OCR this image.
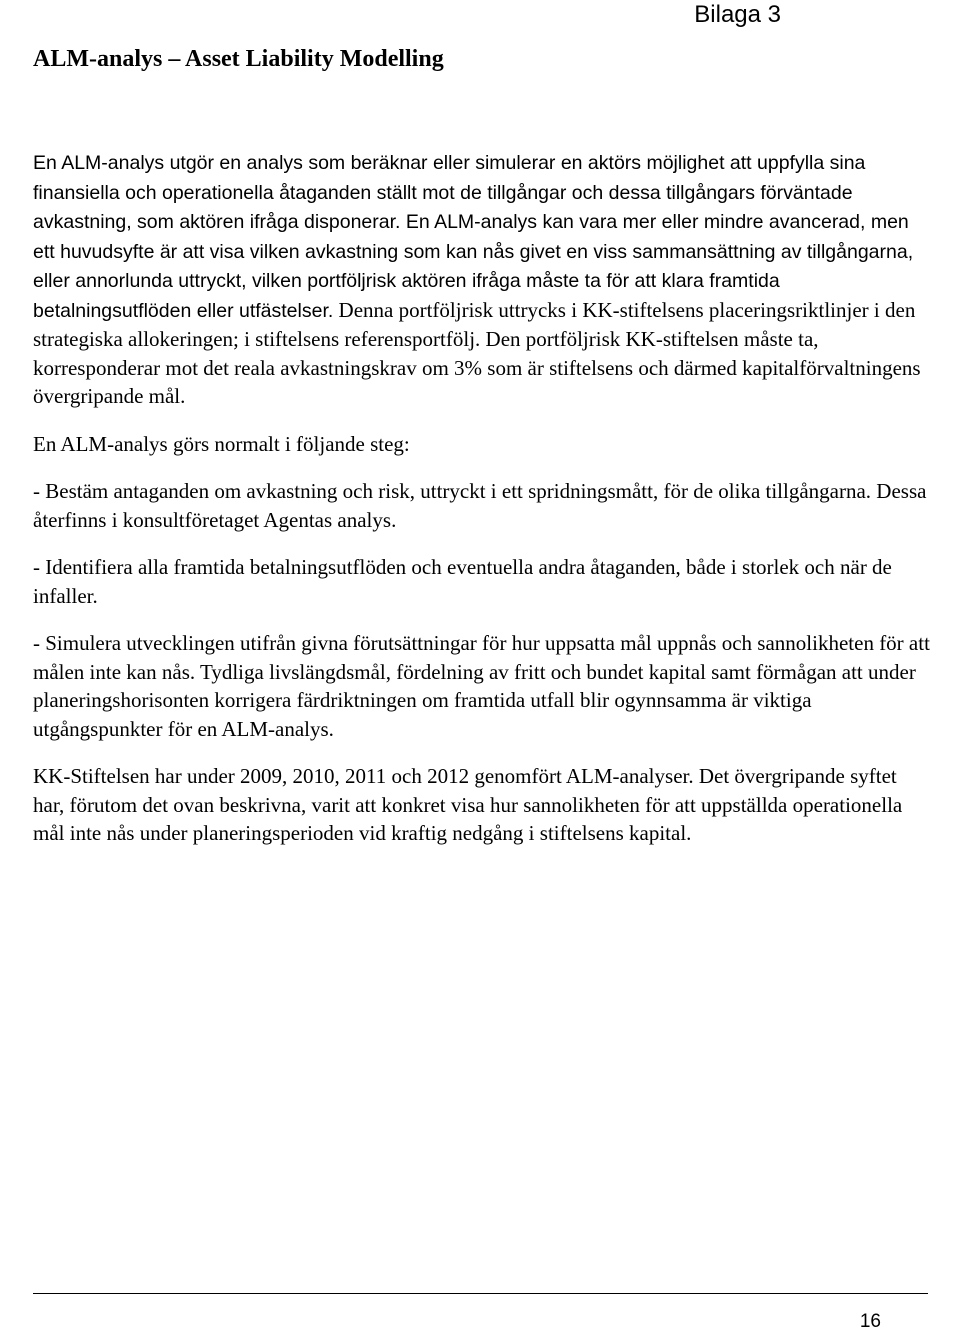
Bilaga 3

ALM-analys – Asset Liability Modelling

En ALM-analys utgör en analys som beräknar eller simulerar en aktörs möjlighet att uppfylla sina finansiella och operationella åtaganden ställt mot de tillgångar och dessa tillgångars förväntade avkastning, som aktören ifråga disponerar. En ALM-analys kan vara mer eller mindre avancerad, men ett huvudsyfte är att visa vilken avkastning som kan nås givet en viss sammansättning av tillgångarna, eller annorlunda uttryckt, vilken portföljrisk aktören ifråga måste ta för att klara framtida betalningsutflöden eller utfästelser. Denna portföljrisk uttrycks i KK-stiftelsens placeringsriktlinjer i den strategiska allokeringen; i stiftelsens referensportfölj. Den portföljrisk KK-stiftelsen måste ta, korresponderar mot det reala avkastningskrav om 3% som är stiftelsens och därmed kapitalförvaltningens övergripande mål.

En ALM-analys görs normalt i följande steg:

- Bestäm antaganden om avkastning och risk, uttryckt i ett spridningsmått, för de olika tillgångarna. Dessa återfinns i konsultföretaget Agentas analys.

- Identifiera alla framtida betalningsutflöden och eventuella andra åtaganden, både i storlek och när de infaller.

- Simulera utvecklingen utifrån givna förutsättningar för hur uppsatta mål uppnås och sannolikheten för att målen inte kan nås. Tydliga livslängdsmål, fördelning av fritt och bundet kapital samt förmågan att under planeringshorisonten korrigera färdriktningen om framtida utfall blir ogynnsamma är viktiga utgångspunkter för en ALM-analys.

KK-Stiftelsen har under 2009, 2010, 2011 och 2012 genomfört ALM-analyser. Det övergripande syftet har, förutom det ovan beskrivna, varit att konkret visa hur sannolikheten för att uppställda operationella mål inte nås under planeringsperioden vid kraftig nedgång i stiftelsens kapital.

16
